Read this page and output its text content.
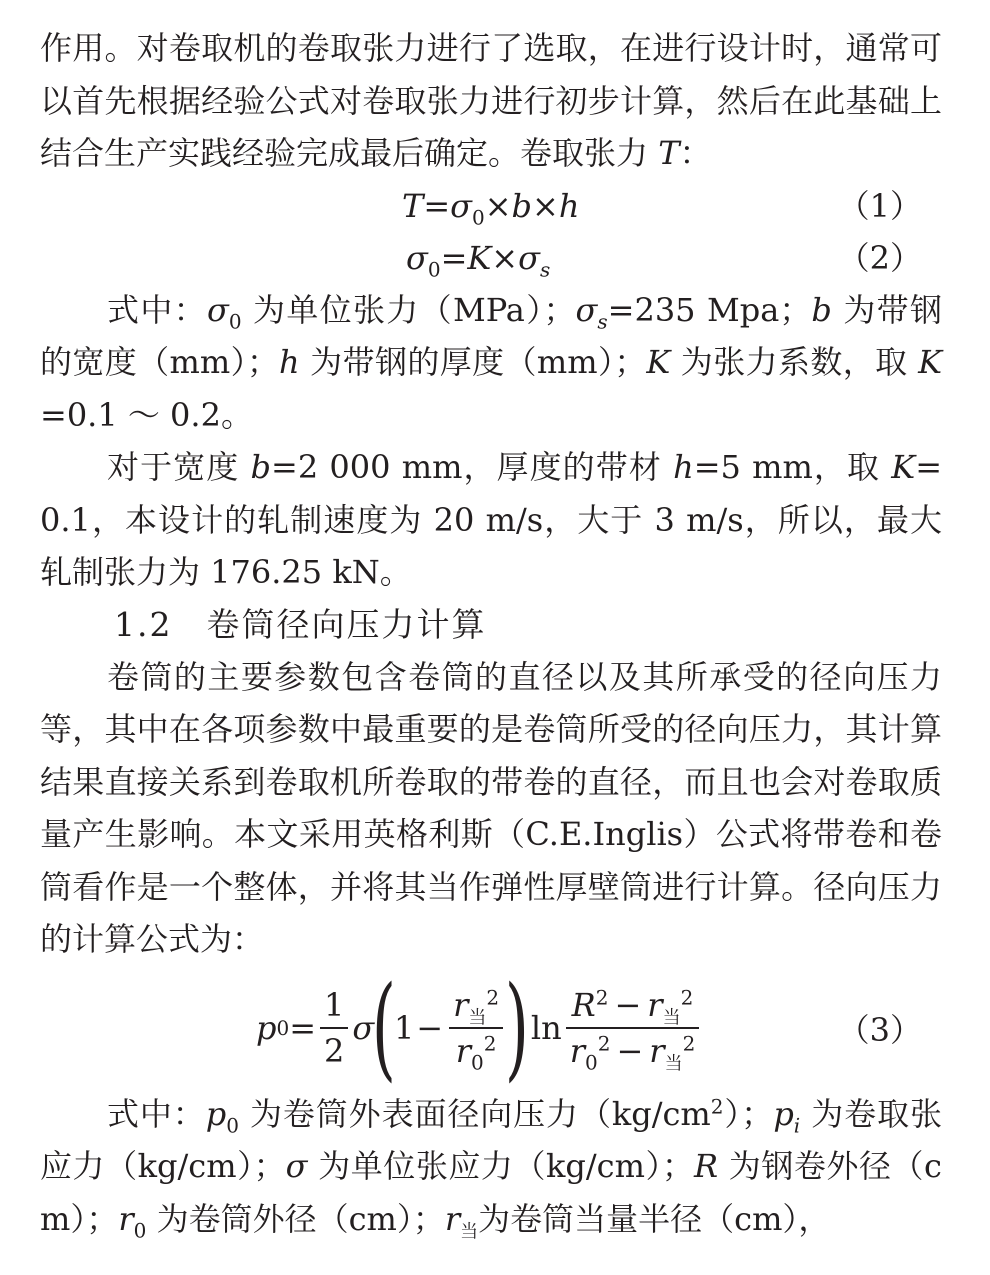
作用。对卷取机的卷取张力进行了选取，在进行设计时，通常可以首先根据经验公式对卷取张力进行初步计算，然后在此基础上结合生产实践经验完成最后确定。卷取张力 T：

$T=\sigma_0\times b\times h$	（1）
$\sigma_0=K\times\sigma_s$	（2）

式中：$\sigma_0$ 为单位张力（MPa）；$\sigma_s=235$ Mpa；b 为带钢的宽度（mm）；h 为带钢的厚度（mm）；K 为张力系数，取 K=0.1 ～ 0.2。

对于宽度 b=2 000 mm，厚度的带材 h=5 mm，取 K=0.1，本设计的轧制速度为 20 m/s，大于 3 m/s，所以，最大轧制张力为 176.25 kN。

1.2 卷筒径向压力计算

卷筒的主要参数包含卷筒的直径以及其所承受的径向压力等，其中在各项参数中最重要的是卷筒所受的径向压力，其计算结果直接关系到卷取机所卷取的带卷的直径，而且也会对卷取质量产生影响。本文采用英格利斯（C.E.Inglis）公式将带卷和卷筒看作是一个整体，并将其当作弹性厚壁筒进行计算。径向压力的计算公式为：

p $0 = \frac{1}{2}$ σ
(
$1 - \frac{r_当^2}{r_0^2}$ ) $\ln \frac{R^2 - r_当^2}{r_0^2 - r_当^2}$	（3）

式中：$p_0$ 为卷筒外表面径向压力$(kg/cm^2)$；$p_i$ 为卷取张应力（kg/cm）；σ 为单位张应力（kg/cm）；R 为钢卷外径（cm）；$r_0$ 为卷筒外径（cm）；$r_当$为卷筒当量半径（cm），
